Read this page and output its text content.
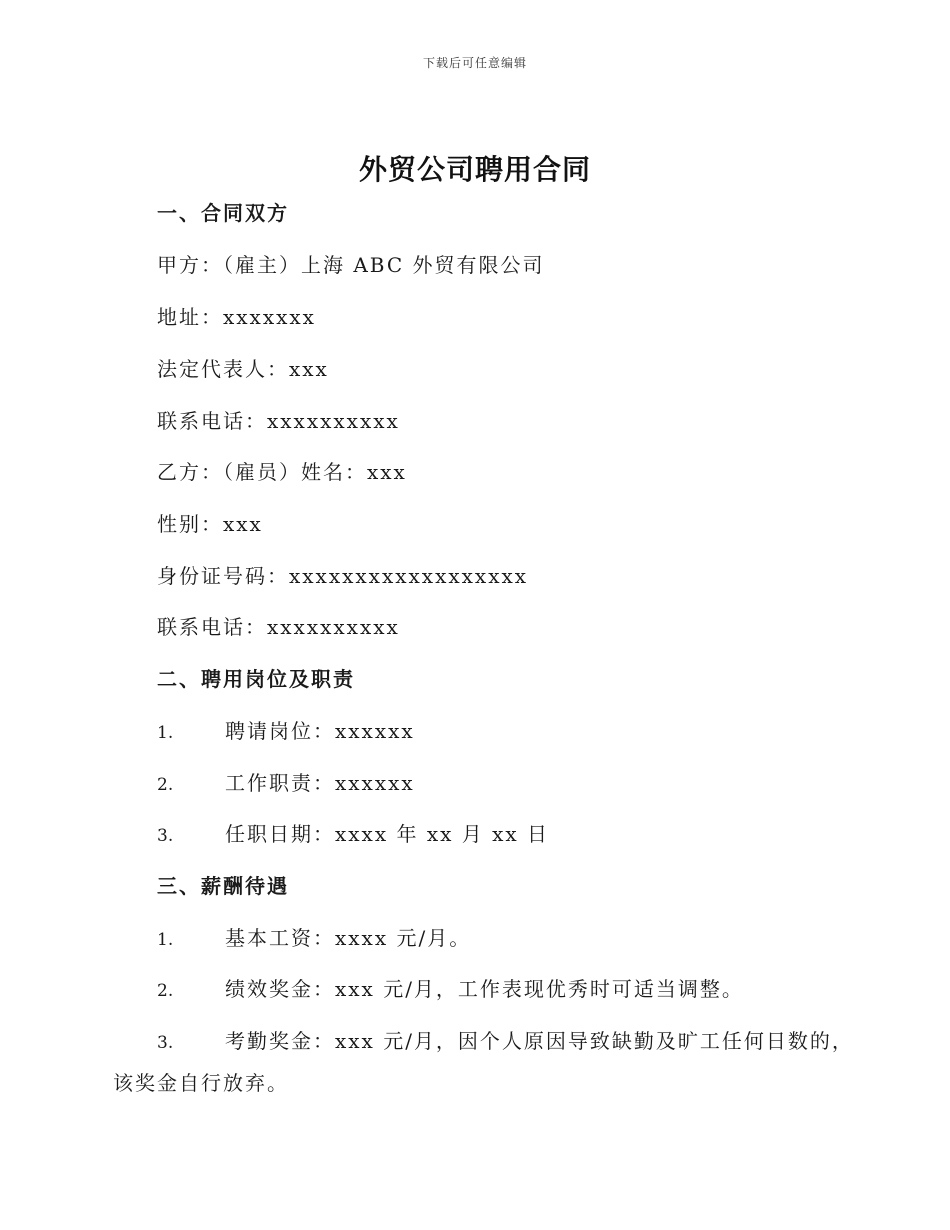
下载后可任意编辑
外贸公司聘用合同
一、合同双方
甲方：（雇主）上海 ABC 外贸有限公司
地址：xxxxxxx
法定代表人：xxx
联系电话：xxxxxxxxxx
乙方：（雇员）姓名：xxx
性别：xxx
身份证号码：xxxxxxxxxxxxxxxxxx
联系电话：xxxxxxxxxx
二、聘用岗位及职责
1.	聘请岗位：xxxxxx
2.	工作职责：xxxxxx
3.	任职日期：xxxx 年 xx 月 xx 日
三、薪酬待遇
1.	基本工资：xxxx 元/月。
2.	绩效奖金：xxx 元/月，工作表现优秀时可适当调整。
3.	考勤奖金：xxx 元/月，因个人原因导致缺勤及旷工任何日数的，
该奖金自行放弃。
